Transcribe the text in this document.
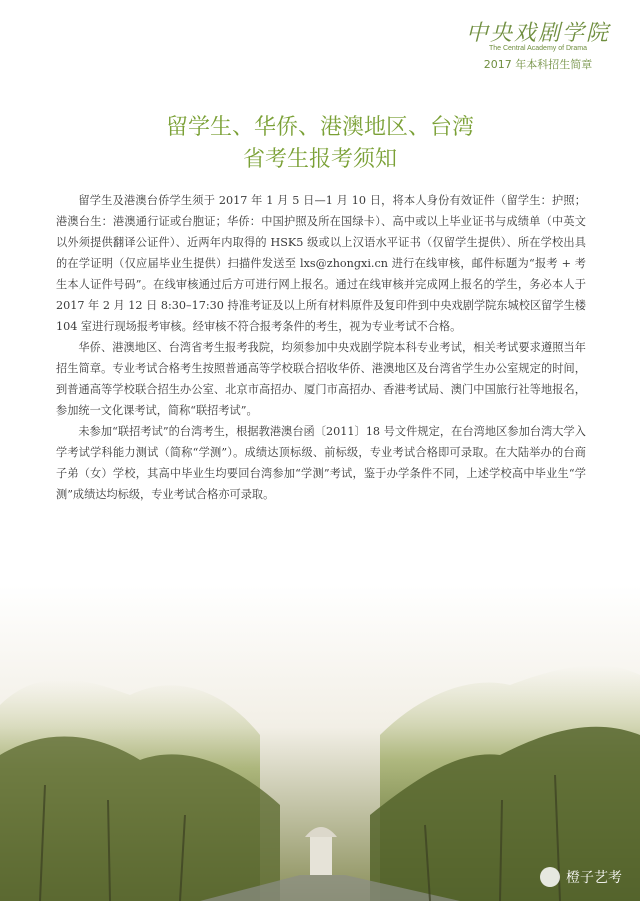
中央戏剧学院
The Central Academy of Drama
2017 年本科招生简章
留学生、华侨、港澳地区、台湾
省考生报考须知

留学生及港澳台侨学生须于 2017 年 1 月 5 日—1 月 10 日，将本人身份有效证件（留学生：护照；港澳台生：港澳通行证或台胞证；华侨：中国护照及所在国绿卡）、高中或以上毕业证书与成绩单（中英文以外须提供翻译公证件）、近两年内取得的 HSK5 级或以上汉语水平证书（仅留学生提供）、所在学校出具的在学证明（仅应届毕业生提供）扫描件发送至 lxs@zhongxi.cn 进行在线审核，邮件标题为“报考 + 考生本人证件号码”。在线审核通过后方可进行网上报名。通过在线审核并完成网上报名的学生，务必本人于 2017 年 2 月 12 日 8:30–17:30 持准考证及以上所有材料原件及复印件到中央戏剧学院东城校区留学生楼 104 室进行现场报考审核。经审核不符合报考条件的考生，视为专业考试不合格。

华侨、港澳地区、台湾省考生报考我院，均须参加中央戏剧学院本科专业考试，相关考试要求遵照当年招生简章。专业考试合格考生按照普通高等学校联合招收华侨、港澳地区及台湾省学生办公室规定的时间，到普通高等学校联合招生办公室、北京市高招办、厦门市高招办、香港考试局、澳门中国旅行社等地报名，参加统一文化课考试，简称“联招考试”。

未参加“联招考试”的台湾考生，根据教港澳台函〔2011〕18 号文件规定，在台湾地区参加台湾大学入学考试学科能力测试（简称“学测”）。成绩达顶标级、前标级，专业考试合格即可录取。在大陆举办的台商子弟（女）学校，其高中毕业生均要回台湾参加“学测”考试，鉴于办学条件不同，上述学校高中毕业生“学测”成绩达均标级，专业考试合格亦可录取。

橙子艺考
